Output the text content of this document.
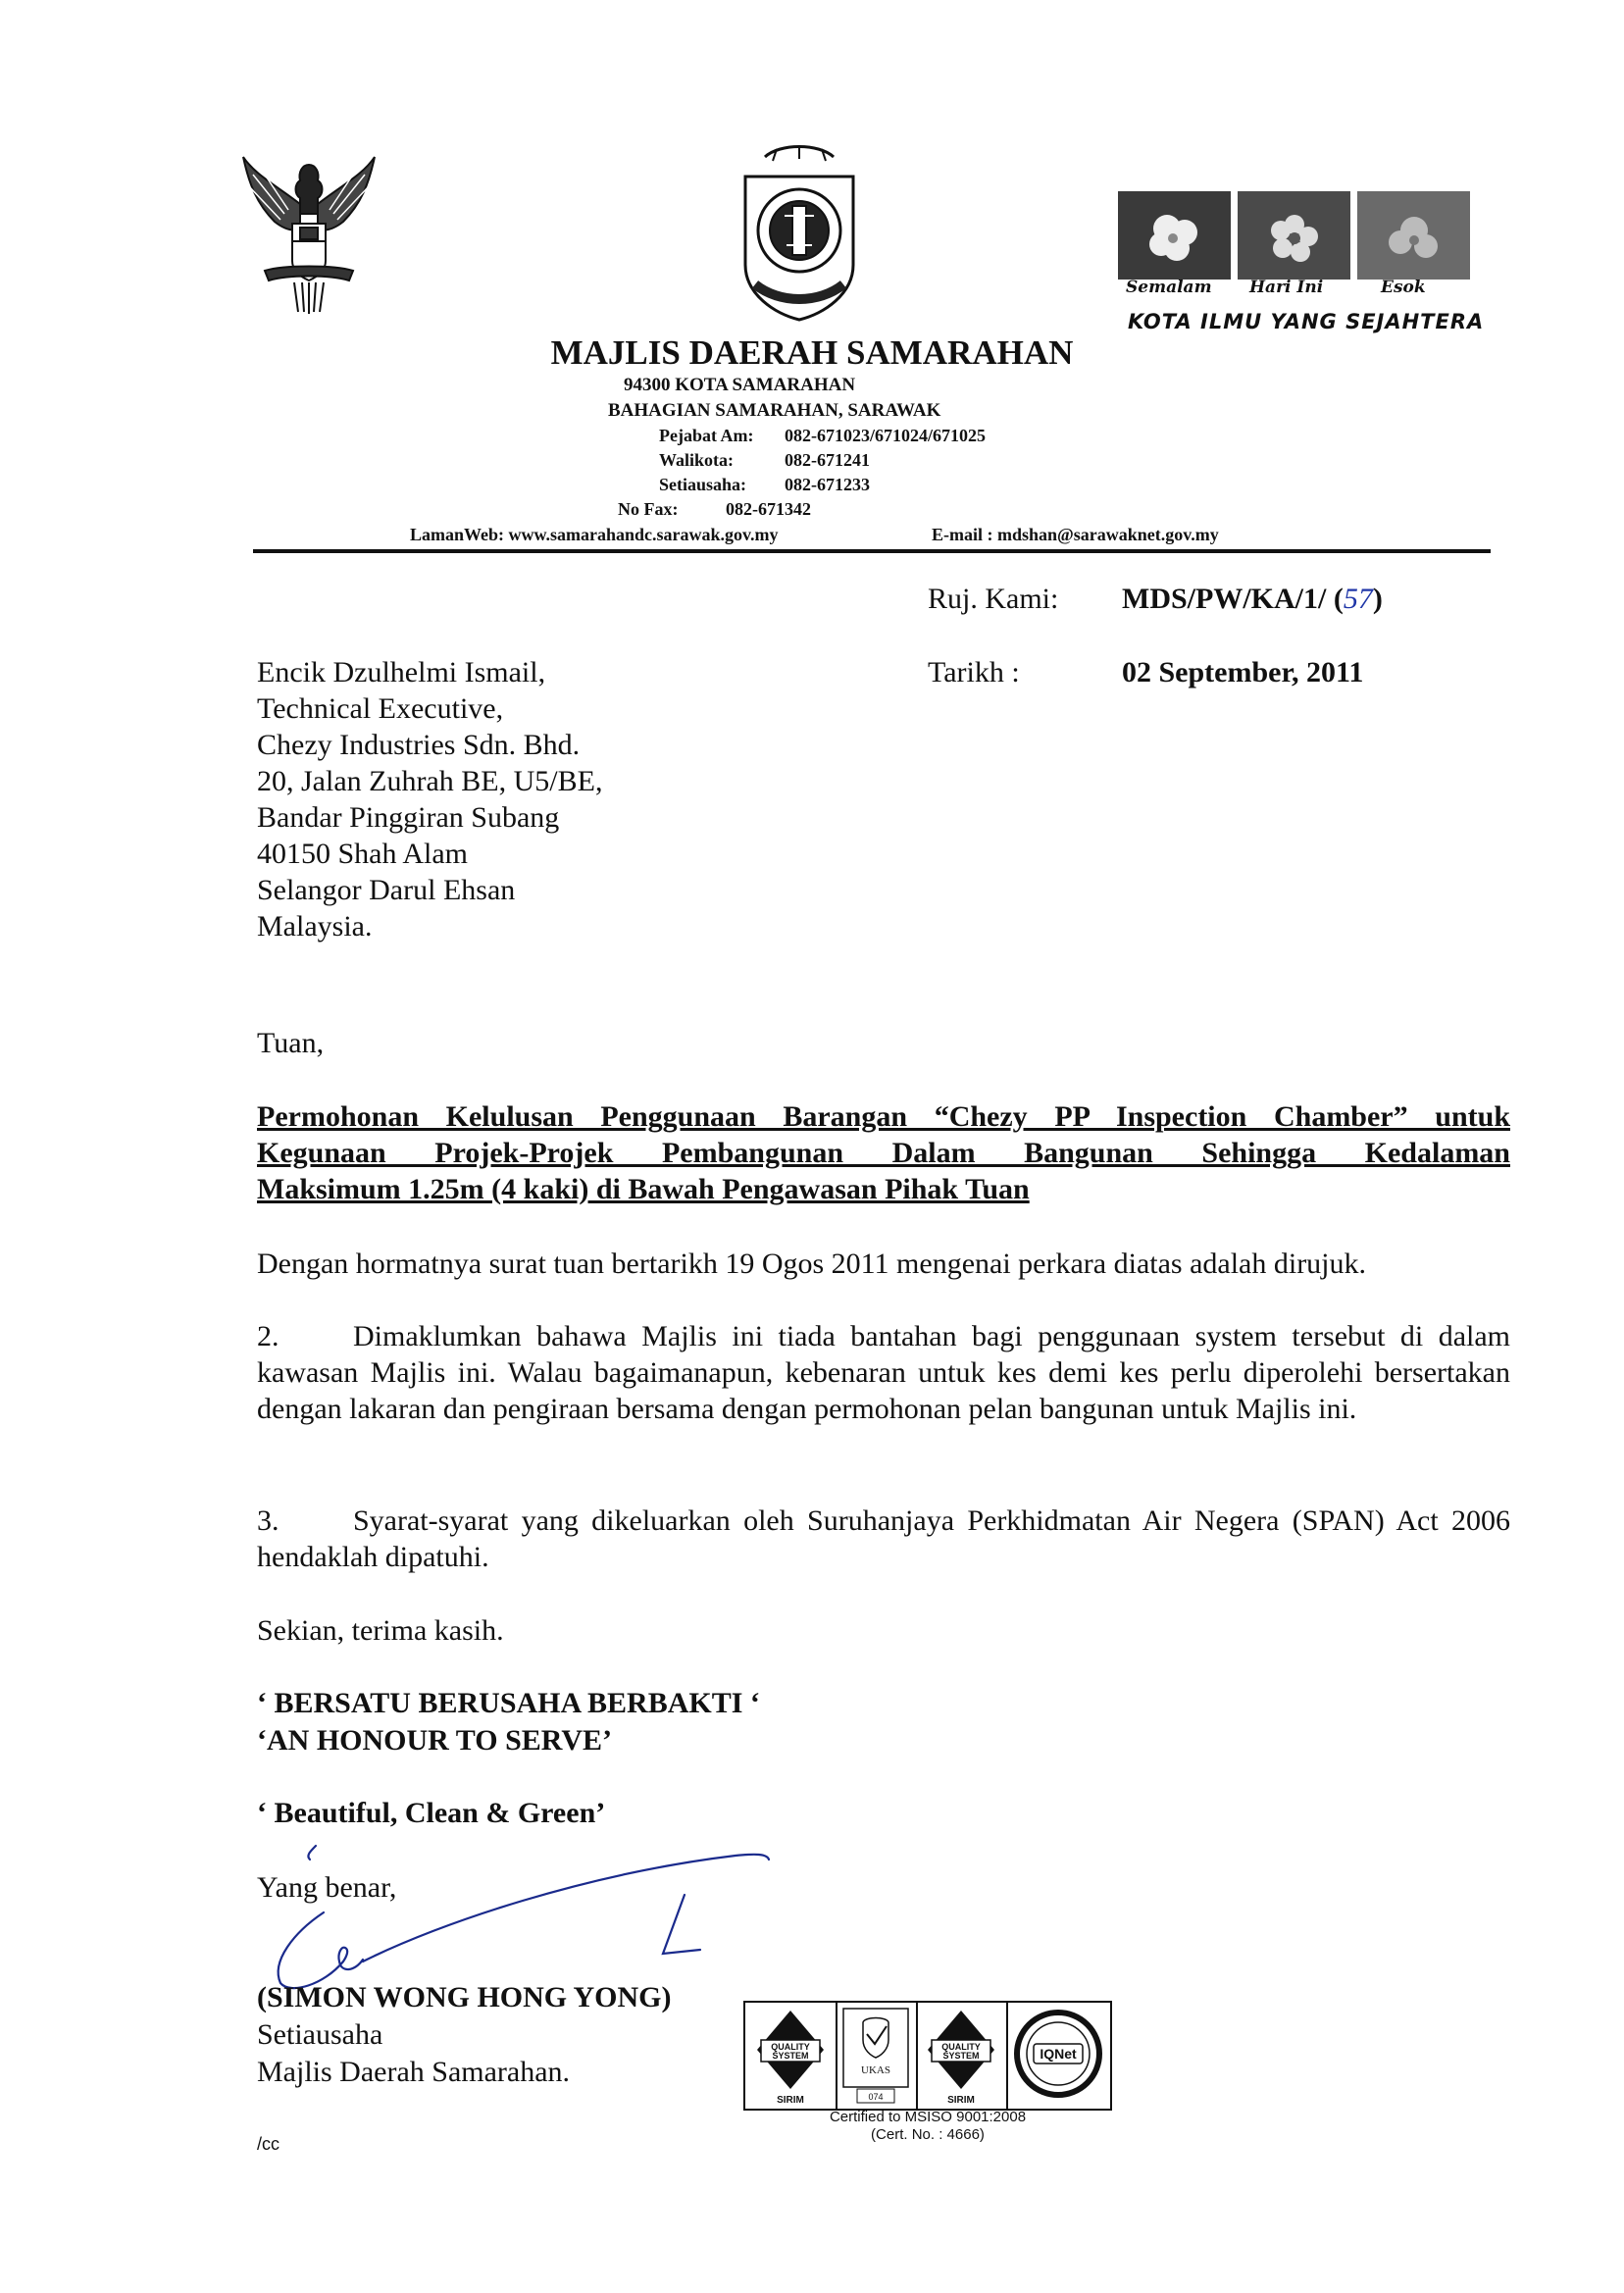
Semalam Hari Ini	Esok
KOTA ILMU YANG SEJAHTERA
MAJLIS DAERAH SAMARAHAN
94300 KOTA SAMARAHAN
BAHAGIAN SAMARAHAN, SARAWAK
Pejabat Am: 082-671023/671024/671025
Walikota:	082-671241
Setiausaha: 082-671233
No Fax:	082-671342
LamanWeb: www.samarahandc.sarawak.gov.my	E-mail : mdshan@sarawaknet.gov.my
Ruj. Kami: MDS/PW/KA/1/ (57)
Tarikh :	02 September, 2011
Encik Dzulhelmi Ismail,
Technical Executive,
Chezy Industries Sdn. Bhd.
20, Jalan Zuhrah BE, U5/BE,
Bandar Pinggiran Subang
40150 Shah Alam
Selangor Darul Ehsan
Malaysia.
Tuan,
Permohonan Kelulusan Penggunaan Barangan “Chezy PP Inspection Chamber” untuk
Kegunaan Projek-Projek Pembangunan Dalam Bangunan Sehingga Kedalaman
Maksimum 1.25m (4 kaki) di Bawah Pengawasan Pihak Tuan
Dengan hormatnya surat tuan bertarikh 19 Ogos 2011 mengenai perkara diatas adalah dirujuk.
2.	Dimaklumkan bahawa Majlis ini tiada bantahan bagi penggunaan system tersebut di dalam kawasan Majlis ini. Walau bagaimanapun, kebenaran untuk kes demi kes perlu diperolehi bersertakan dengan lakaran dan pengiraan bersama dengan permohonan pelan bangunan untuk Majlis ini.
3.	Syarat-syarat yang dikeluarkan oleh Suruhanjaya Perkhidmatan Air Negera (SPAN) Act 2006 hendaklah dipatuhi.
Sekian, terima kasih.
‘ BERSATU BERUSAHA BERBAKTI ‘
‘AN HONOUR TO SERVE’
‘ Beautiful, Clean & Green’
Yang benar,
(SIMON WONG HONG YONG)
Setiausaha
Majlis Daerah Samarahan.
/cc
QUALITY
SYSTEM
SIRIM
UKAS
074
QUALITY
SYSTEM
SIRIM
IQNet
Certified to MSISO 9001:2008
(Cert. No. : 4666)
